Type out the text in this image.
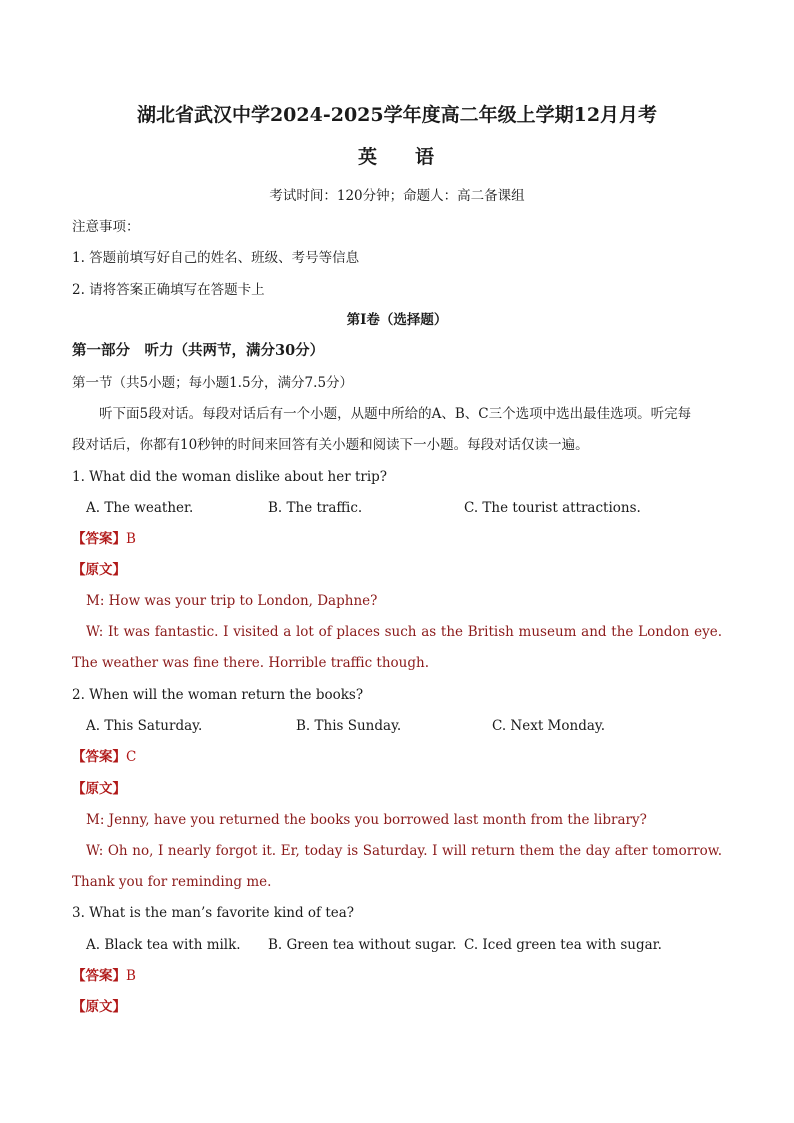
湖北省武汉中学2024-2025学年度高二年级上学期12月月考
英 语
考试时间：120分钟；命题人：高二备课组
注意事项：
1. 答题前填写好自己的姓名、班级、考号等信息
2. 请将答案正确填写在答题卡上
第I卷（选择题）
第一部分　听力（共两节，满分30分）
第一节（共5小题；每小题1.5分，满分7.5分）
听下面5段对话。每段对话后有一个小题，从题中所给的A、B、C三个选项中选出最佳选项。听完每
段对话后，你都有10秒钟的时间来回答有关小题和阅读下一小题。每段对话仅读一遍。
1. What did the woman dislike about her trip?
A. The weather.	B. The traffic.	C. The tourist attractions.
【答案】B
【原文】
M: How was your trip to London, Daphne?
W: It was fantastic. I visited a lot of places such as the British museum and the London eye. The weather was fine there. Horrible traffic though.
2. When will the woman return the books?
A. This Saturday.	B. This Sunday.	C. Next Monday.
【答案】C
【原文】
M: Jenny, have you returned the books you borrowed last month from the library?
W: Oh no, I nearly forgot it. Er, today is Saturday. I will return them the day after tomorrow. Thank you for reminding me.
3. What is the man’s favorite kind of tea?
A. Black tea with milk. B. Green tea without sugar. C. Iced green tea with sugar.
【答案】B
【原文】
